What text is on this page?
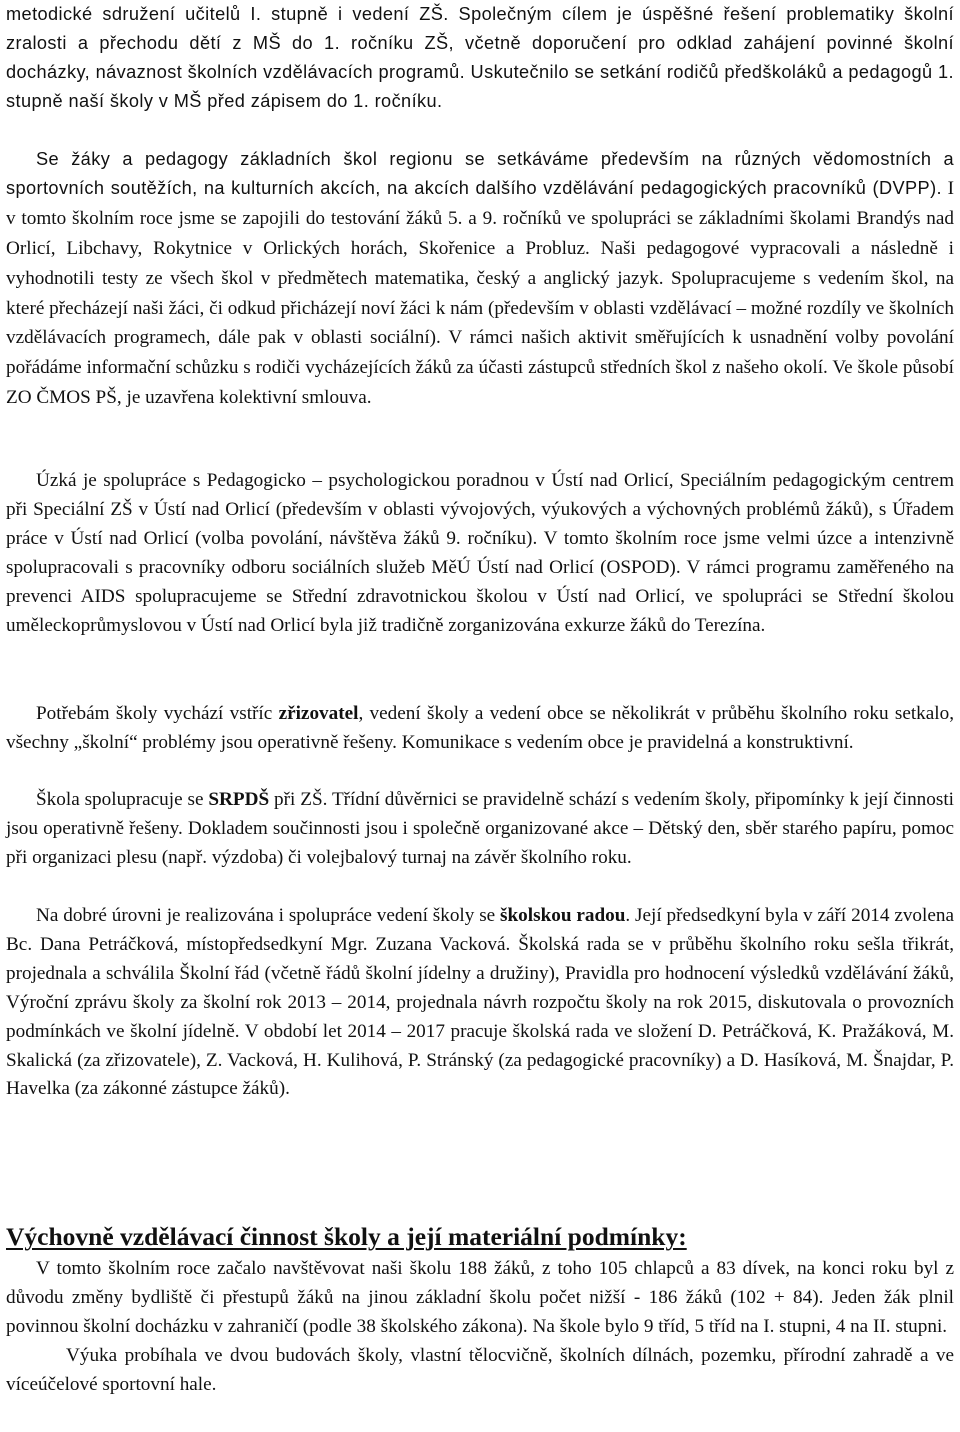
metodické sdružení učitelů I. stupně i vedení ZŠ. Společným cílem je úspěšné řešení problematiky školní zralosti a přechodu dětí z MŠ do 1. ročníku ZŠ, včetně doporučení pro odklad zahájení povinné školní docházky, návaznost školních vzdělávacích programů. Uskutečnilo se setkání rodičů předškoláků a pedagogů 1. stupně naší školy v MŠ před zápisem do 1. ročníku.

Se žáky a pedagogy základních škol regionu se setkáváme především na různých vědomostních a sportovních soutěžích, na kulturních akcích, na akcích dalšího vzdělávání pedagogických pracovníků (DVPP). I v tomto školním roce jsme se zapojili do testování žáků 5. a 9. ročníků ve spolupráci se základními školami Brandýs nad Orlicí, Libchavy, Rokytnice v Orlických horách, Skořenice a Probluz. Naši pedagogové vypracovali a následně i vyhodnotili testy ze všech škol v předmětech matematika, český a anglický jazyk. Spolupracujeme s vedením škol, na které přecházejí naši žáci, či odkud přicházejí noví žáci k nám (především v oblasti vzdělávací – možné rozdíly ve školních vzdělávacích programech, dále pak v oblasti sociální). V rámci našich aktivit směřujících k usnadnění volby povolání pořádáme informační schůzku s rodiči vycházejících žáků za účasti zástupců středních škol z našeho okolí. Ve škole působí ZO ČMOS PŠ, je uzavřena kolektivní smlouva.

Úzká je spolupráce s Pedagogicko – psychologickou poradnou v Ústí nad Orlicí, Speciálním pedagogickým centrem při Speciální ZŠ v Ústí nad Orlicí (především v oblasti vývojových, výukových a výchovných problémů žáků), s Úřadem práce v Ústí nad Orlicí (volba povolání, návštěva žáků 9. ročníku). V tomto školním roce jsme velmi úzce a intenzivně spolupracovali s pracovníky odboru sociálních služeb MěÚ Ústí nad Orlicí (OSPOD). V rámci programu zaměřeného na prevenci AIDS spolupracujeme se Střední zdravotnickou školou v Ústí nad Orlicí, ve spolupráci se Střední školou uměleckoprůmyslovou v Ústí nad Orlicí byla již tradičně zorganizována exkurze žáků do Terezína.

Potřebám školy vychází vstříc zřizovatel, vedení školy a vedení obce se několikrát v průběhu školního roku setkalo, všechny „školní“ problémy jsou operativně řešeny. Komunikace s vedením obce je pravidelná a konstruktivní.

Škola spolupracuje se SRPDŠ při ZŠ. Třídní důvěrnici se pravidelně schází s vedením školy, připomínky k její činnosti jsou operativně řešeny. Dokladem součinnosti jsou i společně organizované akce – Dětský den, sběr starého papíru, pomoc při organizaci plesu (např. výzdoba) či volejbalový turnaj na závěr školního roku.

Na dobré úrovni je realizována i spolupráce vedení školy se školskou radou. Její předsedkyní byla v září 2014 zvolena Bc. Dana Petráčková, místopředsedkyní Mgr. Zuzana Vacková. Školská rada se v průběhu školního roku sešla třikrát, projednala a schválila Školní řád (včetně řádů školní jídelny a družiny), Pravidla pro hodnocení výsledků vzdělávání žáků, Výroční zprávu školy za školní rok 2013 – 2014, projednala návrh rozpočtu školy na rok 2015, diskutovala o provozních podmínkách ve školní jídelně. V období let 2014 – 2017 pracuje školská rada ve složení D. Petráčková, K. Pražáková, M. Skalická (za zřizovatele), Z. Vacková, H. Kulihová, P. Stránský (za pedagogické pracovníky) a D. Hasíková, M. Šnajdar, P. Havelka (za zákonné zástupce žáků).

Výchovně vzdělávací činnost školy a její materiální podmínky:

V tomto školním roce začalo navštěvovat naši školu 188 žáků, z toho 105 chlapců a 83 dívek, na konci roku byl z důvodu změny bydliště či přestupů žáků na jinou základní školu počet nižší - 186 žáků (102 + 84). Jeden žák plnil povinnou školní docházku v zahraničí (podle 38 školského zákona). Na škole bylo 9 tříd, 5 tříd na I. stupni, 4 na II. stupni.

Výuka probíhala ve dvou budovách školy, vlastní tělocvičně, školních dílnách, pozemku, přírodní zahradě a ve víceúčelové sportovní hale.
